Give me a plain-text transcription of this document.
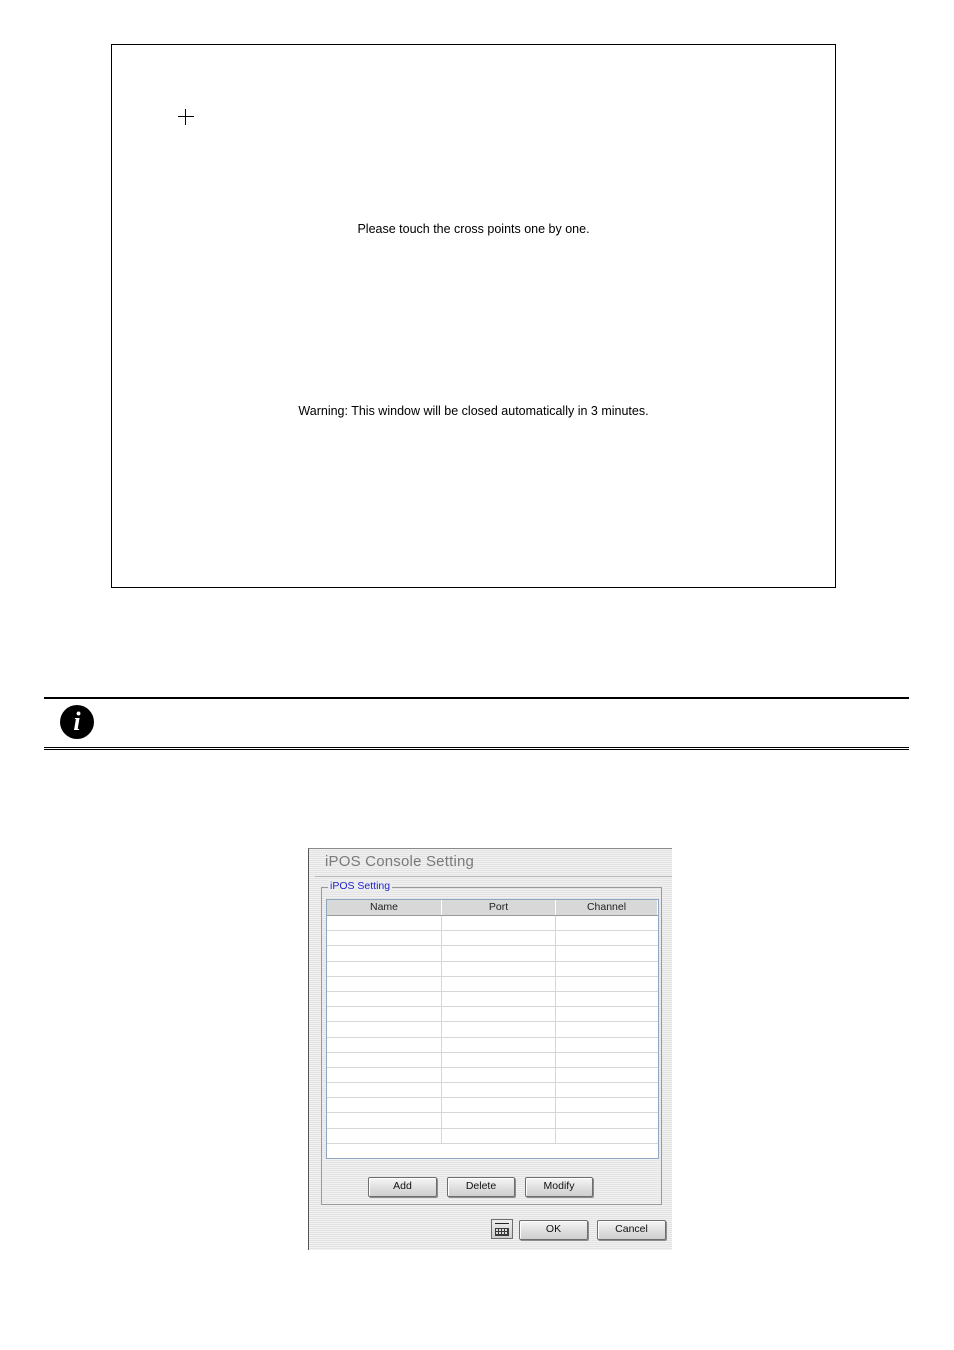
Please touch the cross points one by one.
Warning: This window will be closed automatically in 3 minutes.
i
iPOS Console Setting
iPOS Setting
Name	Port	Channel
Add	Delete	Modify
OK	Cancel
